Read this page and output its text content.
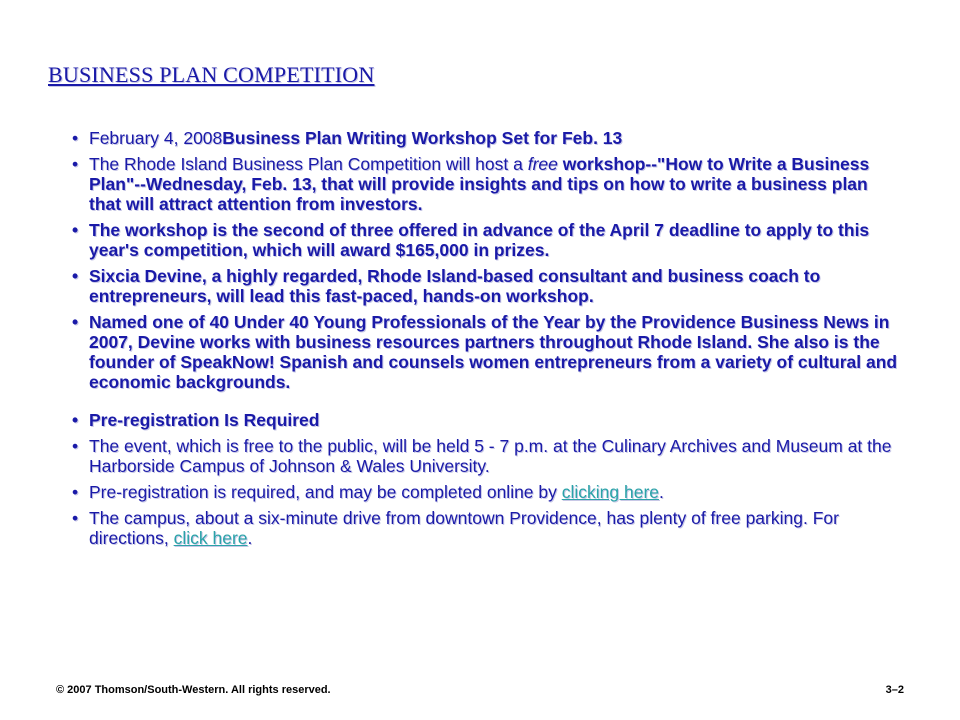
BUSINESS PLAN COMPETITION
• February 4, 2008Business Plan Writing Workshop Set for Feb. 13
• The Rhode Island Business Plan Competition will host a free workshop--"How to Write a Business Plan"--Wednesday, Feb. 13, that will provide insights and tips on how to write a business plan that will attract attention from investors.
• The workshop is the second of three offered in advance of the April 7 deadline to apply to this year's competition, which will award $165,000 in prizes.
• Sixcia Devine, a highly regarded, Rhode Island-based consultant and business coach to entrepreneurs, will lead this fast-paced, hands-on workshop.
• Named one of 40 Under 40 Young Professionals of the Year by the Providence Business News in 2007, Devine works with business resources partners throughout Rhode Island. She also is the founder of SpeakNow! Spanish and counsels women entrepreneurs from a variety of cultural and economic backgrounds.
• Pre-registration Is Required
• The event, which is free to the public, will be held 5 - 7 p.m. at the Culinary Archives and Museum at the Harborside Campus of Johnson & Wales University.
• Pre-registration is required, and may be completed online by clicking here.
• The campus, about a six-minute drive from downtown Providence, has plenty of free parking. For directions, click here.
© 2007 Thomson/South-Western. All rights reserved.	3–2
